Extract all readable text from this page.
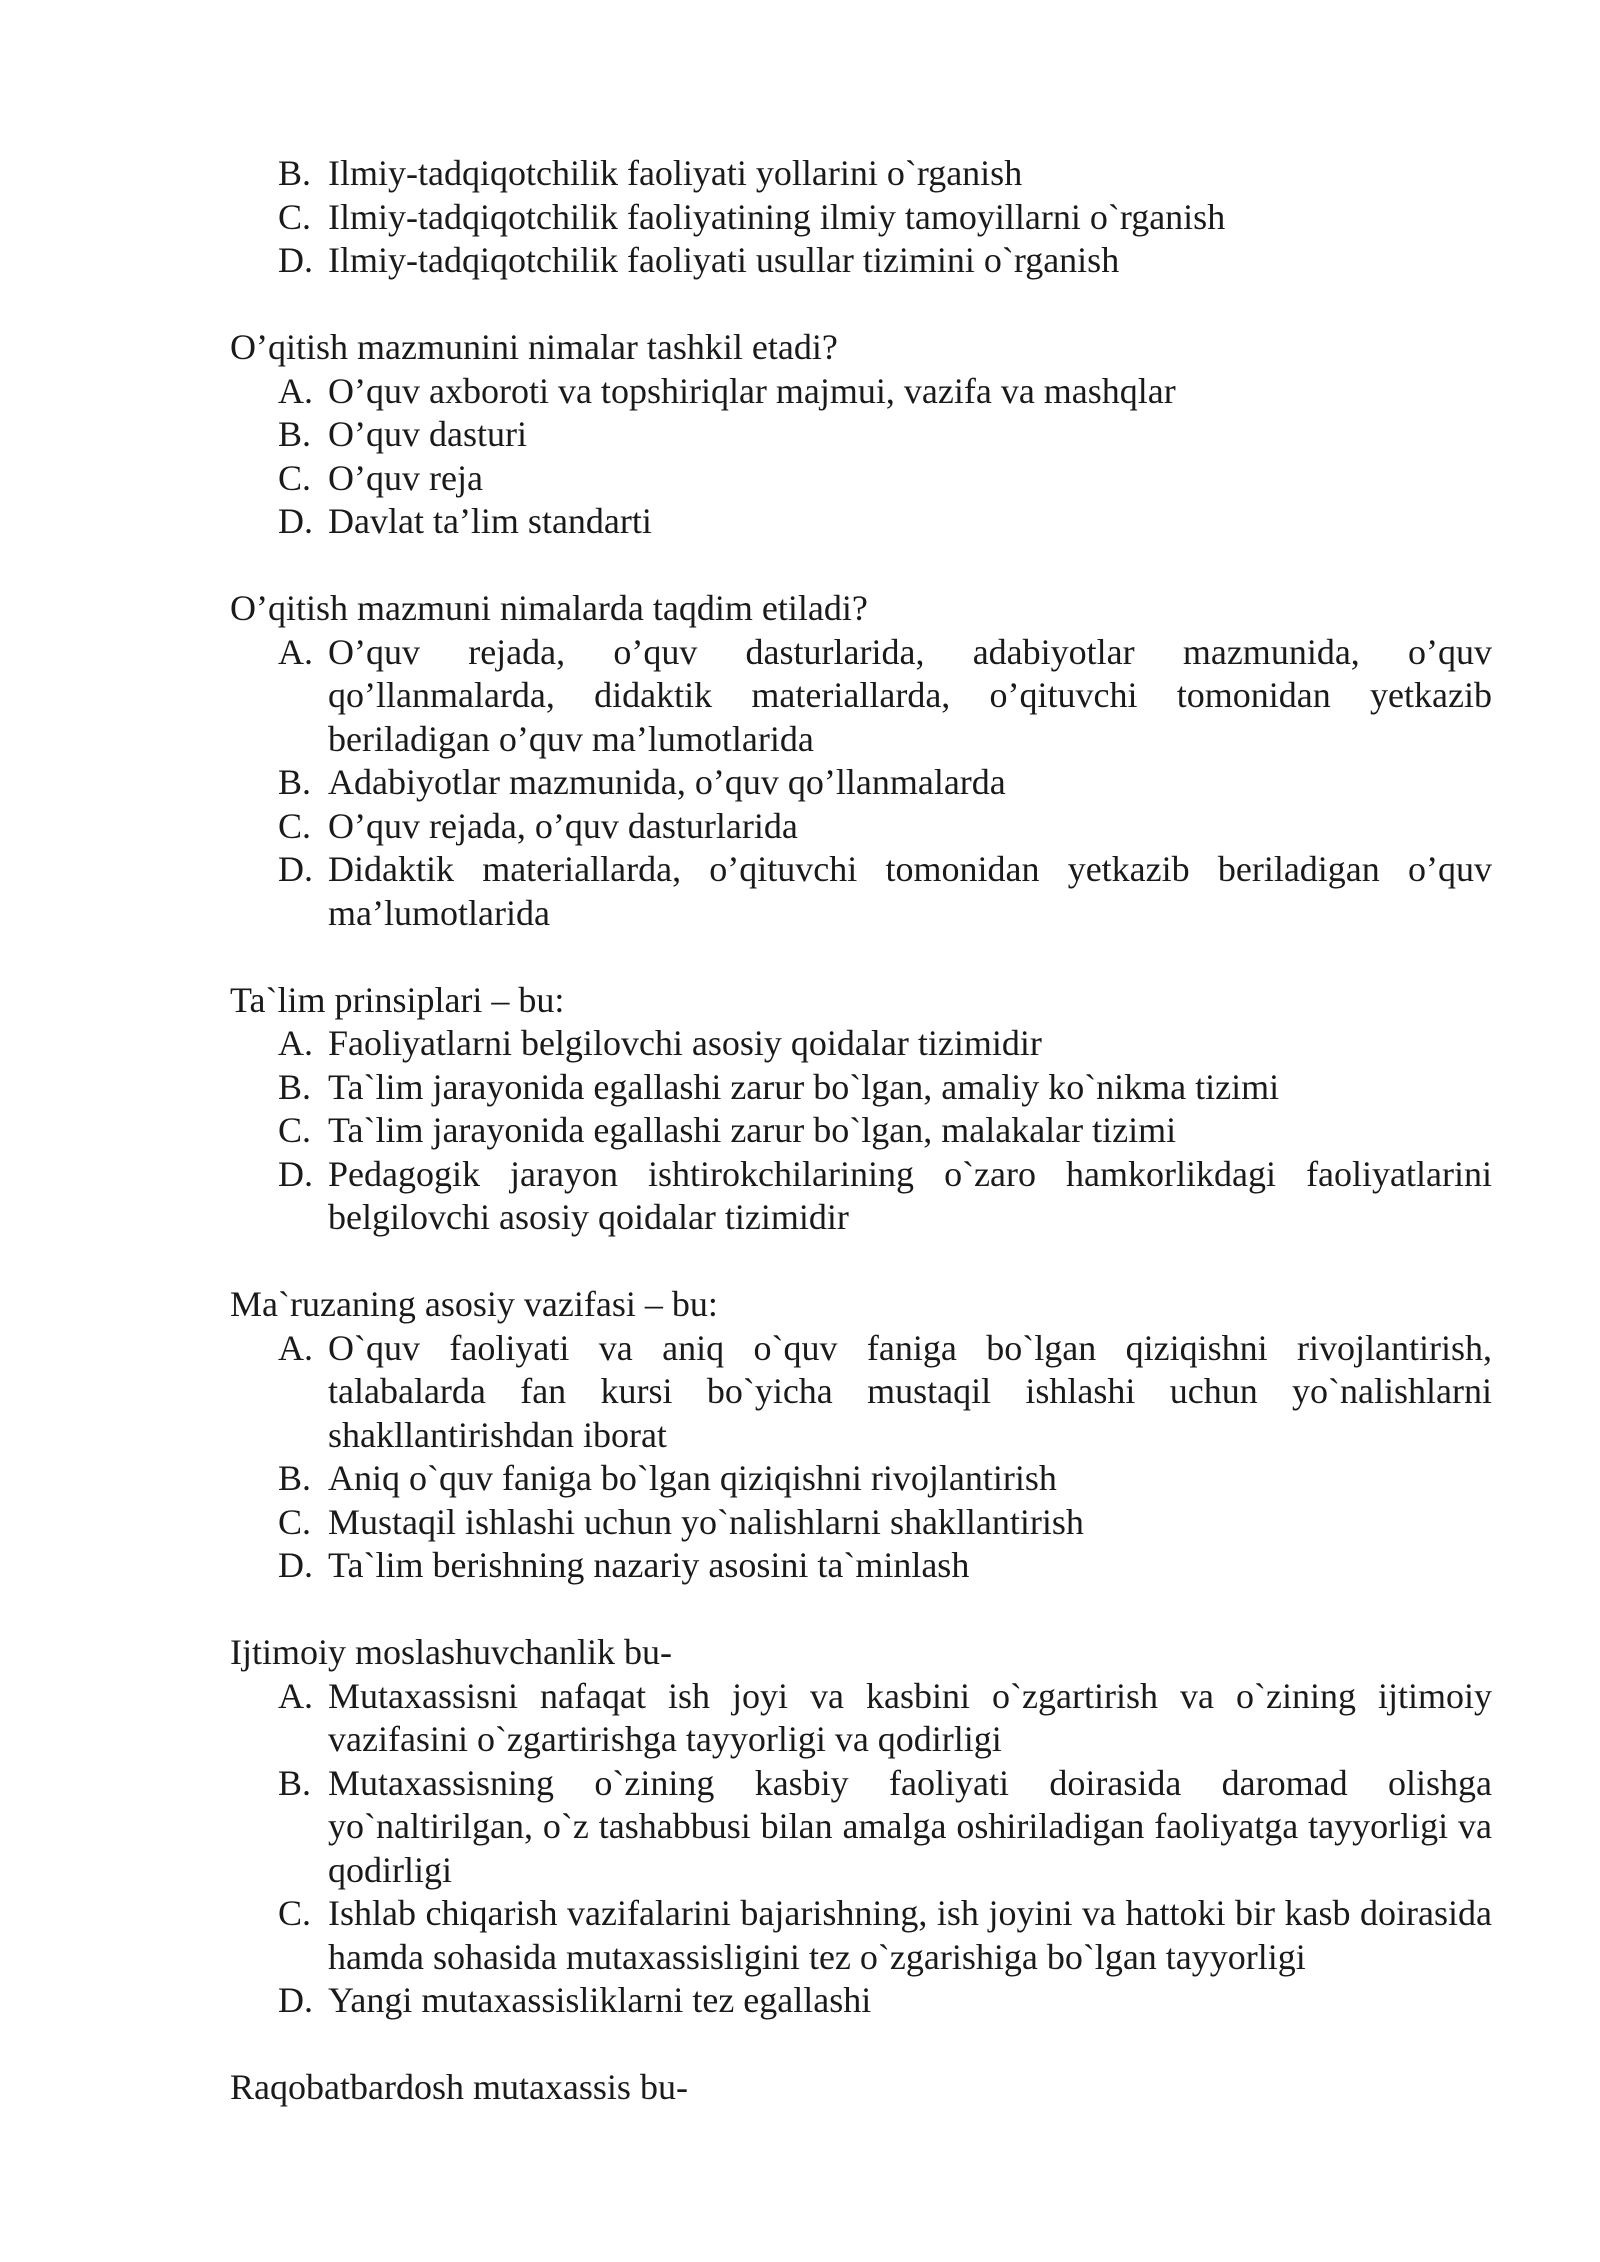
B. Ilmiy-tadqiqotchilik faoliyati yollarini o`rganish
C. Ilmiy-tadqiqotchilik faoliyatining ilmiy tamoyillarni o`rganish
D. Ilmiy-tadqiqotchilik faoliyati usullar tizimini o`rganish

O’qitish mazmunini nimalar tashkil etadi?

A. O’quv axboroti va topshiriqlar majmui, vazifa va mashqlar
B. O’quv dasturi
C. O’quv reja
D. Davlat ta’lim standarti

O’qitish mazmuni nimalarda taqdim etiladi?

A. O’quv rejada, o’quv dasturlarida, adabiyotlar mazmunida, o’quv qo’llanmalarda, didaktik materiallarda, o’qituvchi tomonidan yetkazib beriladigan o’quv ma’lumotlarida
B. Adabiyotlar mazmunida, o’quv qo’llanmalarda
C. O’quv rejada, o’quv dasturlarida
D. Didaktik materiallarda, o’qituvchi tomonidan yetkazib beriladigan o’quv ma’lumotlarida

Ta`lim prinsiplari – bu:

A. Faoliyatlarni belgilovchi asosiy qoidalar tizimidir
B. Ta`lim jarayonida egallashi zarur bo`lgan, amaliy ko`nikma tizimi
C. Ta`lim jarayonida egallashi zarur bo`lgan, malakalar tizimi
D. Pedagogik jarayon ishtirokchilarining o`zaro hamkorlikdagi faoliyatlarini belgilovchi asosiy qoidalar tizimidir

Ma`ruzaning asosiy vazifasi – bu:

A. O`quv faoliyati va aniq o`quv faniga bo`lgan qiziqishni rivojlantirish, talabalarda fan kursi bo`yicha mustaqil ishlashi uchun yo`nalishlarni shakllantirishdan iborat
B. Aniq o`quv faniga bo`lgan qiziqishni rivojlantirish
C. Mustaqil ishlashi uchun yo`nalishlarni shakllantirish
D. Ta`lim berishning nazariy asosini ta`minlash

Ijtimoiy moslashuvchanlik bu-

A. Mutaxassisni nafaqat ish joyi va kasbini o`zgartirish va o`zining ijtimoiy vazifasini o`zgartirishga tayyorligi va qodirligi
B. Mutaxassisning o`zining kasbiy faoliyati doirasida daromad olishga yo`naltirilgan, o`z tashabbusi bilan amalga oshiriladigan faoliyatga tayyorligi va qodirligi
C. Ishlab chiqarish vazifalarini bajarishning, ish joyini va hattoki bir kasb doirasida hamda sohasida mutaxassisligini tez o`zgarishiga bo`lgan tayyorligi
D. Yangi mutaxassisliklarni tez egallashi

Raqobatbardosh mutaxassis bu-
